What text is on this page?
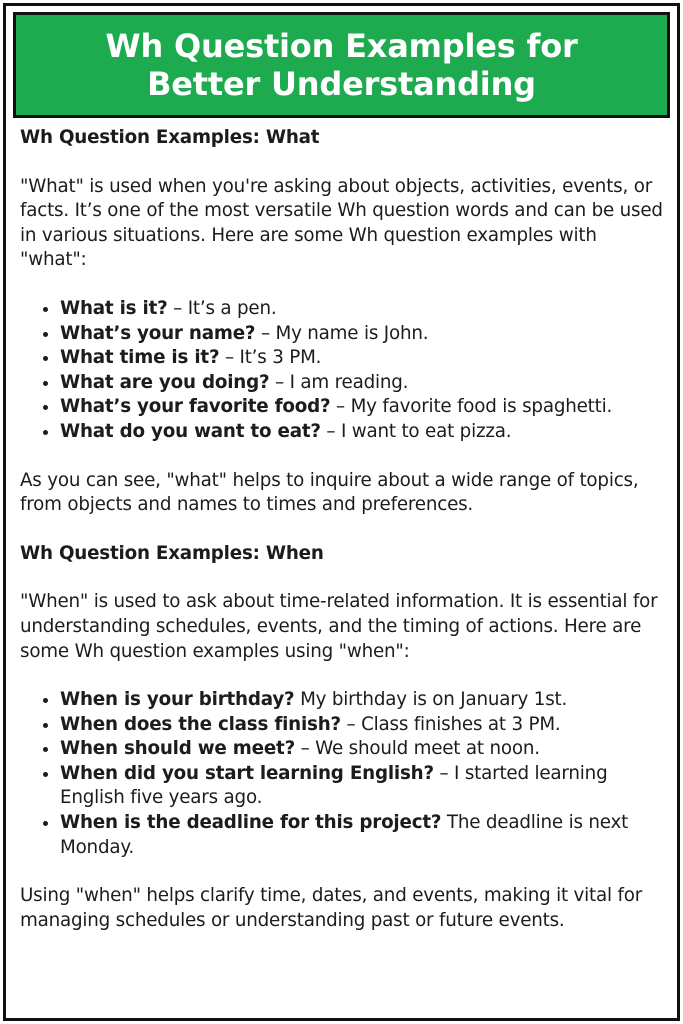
Wh Question Examples for
Better Understanding
Wh Question Examples: What

"What" is used when you're asking about objects, activities, events, or facts. It’s one of the most versatile Wh question words and can be used in various situations. Here are some Wh question examples with "what":

• What is it? – It’s a pen.
• What’s your name? – My name is John.
• What time is it? – It’s 3 PM.
• What are you doing? – I am reading.
• What’s your favorite food? – My favorite food is spaghetti.
• What do you want to eat? – I want to eat pizza.

As you can see, "what" helps to inquire about a wide range of topics, from objects and names to times and preferences.

Wh Question Examples: When

"When" is used to ask about time-related information. It is essential for understanding schedules, events, and the timing of actions. Here are some Wh question examples using "when":

• When is your birthday? My birthday is on January 1st.
• When does the class finish? – Class finishes at 3 PM.
• When should we meet? – We should meet at noon.
• When did you start learning English? – I started learning English five years ago.
• When is the deadline for this project? The deadline is next Monday.

Using "when" helps clarify time, dates, and events, making it vital for managing schedules or understanding past or future events.
